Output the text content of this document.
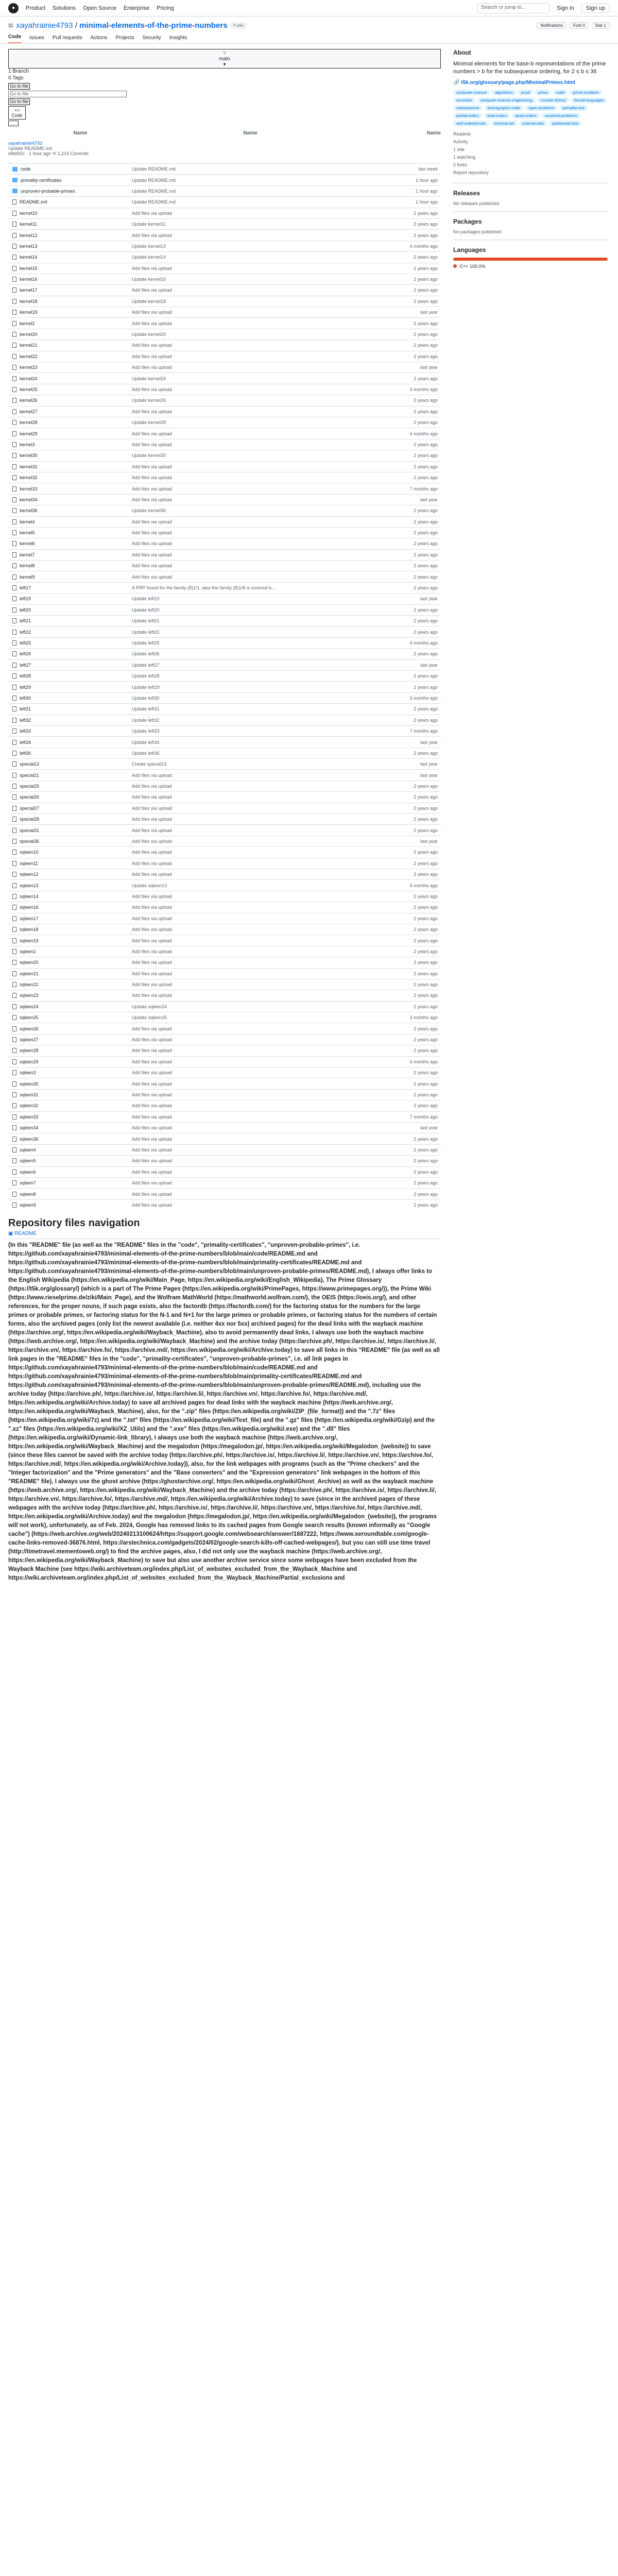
●	Product Solutions Open Source Enterprise Pricing	Search or jump to...	Sign in	Sign up
▤ xayahrainie4793 / minimal-elements-of-the-prime-numbers	Public	Notifications	Fork 0	Star 1
Code Issues Pull requests Actions Projects Security Insights
⑂
main
▾
1 Branch
0 Tags
Go to file
Go to file
Go to file
<>
Code
...
Name	Name	Name
xayahrainie4793
Update README.md
e8d6f2c · 1 hour ago ⟲ 1,216 Commits
code	Update README.md	last week
primality-certificates	Update README.md	1 hour ago
unproven-probable-primes	Update README.md	1 hour ago
README.md	Update README.md	1 hour ago
kernel10	Add files via upload	2 years ago
kernel11	Update kernel11	2 years ago
kernel12	Add files via upload	2 years ago
kernel13	Update kernel13	4 months ago
kernel14	Update kernel14	2 years ago
kernel15	Add files via upload	2 years ago
kernel16	Update kernel16	2 years ago
kernel17	Add files via upload	2 years ago
kernel18	Update kernel18	2 years ago
kernel19	Add files via upload	last year
kernel2	Add files via upload	2 years ago
kernel20	Update kernel20	2 years ago
kernel21	Add files via upload	2 years ago
kernel22	Add files via upload	2 years ago
kernel23	Add files via upload	last year
kernel24	Update kernel24	2 years ago
kernel25	Add files via upload	3 months ago
kernel26	Update kernel26	2 years ago
kernel27	Add files via upload	2 years ago
kernel28	Update kernel28	2 years ago
kernel29	Add files via upload	4 months ago
kernel3	Add files via upload	2 years ago
kernel30	Update kernel30	2 years ago
kernel31	Add files via upload	2 years ago
kernel32	Add files via upload	2 years ago
kernel33	Add files via upload	7 months ago
kernel34	Add files via upload	last year
kernel36	Update kernel36	2 years ago
kernel4	Add files via upload	2 years ago
kernel5	Add files via upload	2 years ago
kernel6	Add files via upload	2 years ago
kernel7	Add files via upload	2 years ago
kernel8	Add files via upload	2 years ago
kernel9	Add files via upload	2 years ago
left17	A PRP found for the family (8)1/1, also the family (8)1/8 is covered b…	2 years ago
left19	Update left19	last year
left20	Update left20	2 years ago
left21	Update left21	2 years ago
left22	Update left22	2 years ago
left25	Update left25	4 months ago
left26	Update left26	2 years ago
left27	Update left27	last year
left28	Update left28	2 years ago
left29	Update left29	2 years ago
left30	Update left30	3 months ago
left31	Update left31	2 years ago
left32	Update left32	2 years ago
left33	Update left33	7 months ago
left34	Update left34	last year
left36	Update left36	2 years ago
special13	Create special13	last year
special21	Add files via upload	last year
special25	Add files via upload	2 years ago
special26	Add files via upload	2 years ago
special27	Add files via upload	2 years ago
special28	Add files via upload	2 years ago
special31	Add files via upload	2 years ago
special36	Add files via upload	last year
sqleen10	Add files via upload	2 years ago
sqleen11	Add files via upload	2 years ago
sqleen12	Add files via upload	2 years ago
sqleen13	Update sqleen13	4 months ago
sqleen14	Add files via upload	2 years ago
sqleen16	Add files via upload	2 years ago
sqleen17	Add files via upload	2 years ago
sqleen18	Add files via upload	2 years ago
sqleen19	Add files via upload	2 years ago
sqleen2	Add files via upload	2 years ago
sqleen20	Add files via upload	2 years ago
sqleen21	Add files via upload	2 years ago
sqleen22	Add files via upload	2 years ago
sqleen23	Add files via upload	2 years ago
sqleen24	Update sqleen24	2 years ago
sqleen25	Update sqleen25	3 months ago
sqleen26	Add files via upload	2 years ago
sqleen27	Add files via upload	2 years ago
sqleen28	Add files via upload	2 years ago
sqleen29	Add files via upload	4 months ago
sqleen3	Add files via upload	2 years ago
sqleen30	Add files via upload	2 years ago
sqleen31	Add files via upload	2 years ago
sqleen32	Add files via upload	2 years ago
sqleen33	Add files via upload	7 months ago
sqleen34	Add files via upload	last year
sqleen36	Add files via upload	2 years ago
sqleen4	Add files via upload	2 years ago
sqleen5	Add files via upload	2 years ago
sqleen6	Add files via upload	2 years ago
sqleen7	Add files via upload	2 years ago
sqleen8	Add files via upload	2 years ago
sqleen9	Add files via upload	2 years ago
Repository files navigation
▣ README

(In this "README" file (as well as the "README" files in the "code", "primality-certificates", "unproven-probable-primes", i.e. https://github.com/xayahrainie4793/minimal-elements-of-the-prime-numbers/blob/main/code/README.md and https://github.com/xayahrainie4793/minimal-elements-of-the-prime-numbers/blob/main/primality-certificates/README.md and https://github.com/xayahrainie4793/minimal-elements-of-the-prime-numbers/blob/main/unproven-probable-primes/README.md), I always offer links to the English Wikipedia (https://en.wikipedia.org/wiki/Main_Page, https://en.wikipedia.org/wiki/English_Wikipedia), The Prime Glossary (https://t5k.org/glossary/) (which is a part of The Prime Pages (https://en.wikipedia.org/wiki/PrimePages, https://www.primepages.org/)), the Prime Wiki (https://www.rieselprime.de/ziki/Main_Page), and the Wolfram MathWorld (https://mathworld.wolfram.com/), the OEIS (https://oeis.org/), and other references, for the proper nouns, if such page exists, also the factordb (https://factordb.com/) for the factoring status for the numbers for the large primes or probable primes, or factoring status for the N-1 and N+1 for the large primes or probable primes, or factoring status for the numbers of certain forms, also the archived pages (only list the newest available (i.e. neither 4xx nor 5xx) archived pages) for the dead links with the wayback machine (https://archive.org/, https://en.wikipedia.org/wiki/Wayback_Machine), also to avoid permanently dead links, I always use both the wayback machine (https://web.archive.org/, https://en.wikipedia.org/wiki/Wayback_Machine) and the archive today (https://archive.ph/, https://archive.is/, https://archive.li/, https://archive.vn/, https://archive.fo/, https://archive.md/, https://en.wikipedia.org/wiki/Archive.today) to save all links in this "README" file (as well as all link pages in the "README" files in the "code", "primality-certificates", "unproven-probable-primes", i.e. all link pages in https://github.com/xayahrainie4793/minimal-elements-of-the-prime-numbers/blob/main/code/README.md and https://github.com/xayahrainie4793/minimal-elements-of-the-prime-numbers/blob/main/primality-certificates/README.md and https://github.com/xayahrainie4793/minimal-elements-of-the-prime-numbers/blob/main/unproven-probable-primes/README.md), including use the archive today (https://archive.ph/, https://archive.is/, https://archive.li/, https://archive.vn/, https://archive.fo/, https://archive.md/, https://en.wikipedia.org/wiki/Archive.today) to save all archived pages for dead links with the wayback machine (https://web.archive.org/, https://en.wikipedia.org/wiki/Wayback_Machine), also, for the ".zip" files (https://en.wikipedia.org/wiki/ZIP_(file_format)) and the ".7z" files (https://en.wikipedia.org/wiki/7z) and the ".txt" files (https://en.wikipedia.org/wiki/Text_file) and the ".gz" files (https://en.wikipedia.org/wiki/Gzip) and the ".xz" files (https://en.wikipedia.org/wiki/XZ_Utils) and the ".exe" files (https://en.wikipedia.org/wiki/.exe) and the ".dll" files (https://en.wikipedia.org/wiki/Dynamic-link_library), I always use both the wayback machine (https://web.archive.org/, https://en.wikipedia.org/wiki/Wayback_Machine) and the megalodon (https://megalodon.jp/, https://en.wikipedia.org/wiki/Megalodon_(website)) to save (since these files cannot be saved with the archive today (https://archive.ph/, https://archive.is/, https://archive.li/, https://archive.vn/, https://archive.fo/, https://archive.md/, https://en.wikipedia.org/wiki/Archive.today)), also, for the link webpages with programs (such as the "Prime checkers" and the "Integer factorization" and the "Prime generators" and the "Base converters" and the "Expression generators" link webpages in the bottom of this "README" file), I always use the ghost archive (https://ghostarchive.org/, https://en.wikipedia.org/wiki/Ghost_Archive) as well as the wayback machine (https://web.archive.org/, https://en.wikipedia.org/wiki/Wayback_Machine) and the archive today (https://archive.ph/, https://archive.is/, https://archive.li/, https://archive.vn/, https://archive.fo/, https://archive.md/, https://en.wikipedia.org/wiki/Archive.today) to save (since in the archived pages of these webpages with the archive today (https://archive.ph/, https://archive.is/, https://archive.li/, https://archive.vn/, https://archive.fo/, https://archive.md/, https://en.wikipedia.org/wiki/Archive.today) and the megalodon (https://megalodon.jp/, https://en.wikipedia.org/wiki/Megalodon_(website)), the programs will not work), unfortunately, as of Feb. 2024, Google has removed links to its cached pages from Google search results (known informally as "Google cache") (https://web.archive.org/web/20240213100624/https://support.google.com/websearch/answer/1687222, https://www.seroundtable.com/google-cache-links-removed-36876.html, https://arstechnica.com/gadgets/2024/02/google-search-kills-off-cached-webpages/), but you can still use time travel (http://timetravel.mementoweb.org/) to find the archive pages, also, I did not only use the wayback machine (https://web.archive.org/, https://en.wikipedia.org/wiki/Wayback_Machine) to save but also use another archive service since some webpages have been excluded from the Wayback Machine (see https://wiki.archiveteam.org/index.php/List_of_websites_excluded_from_the_Wayback_Machine and https://wiki.archiveteam.org/index.php/List_of_websites_excluded_from_the_Wayback_Machine/Partial_exclusions and

About
Minimal elements for the base-b representations of the prime numbers > b for the subsequence ordering, for 2 ≤ b ≤ 36
🔗 t5k.org/glossary/page.php/MinimalPrimes.html
computer-science	algorithms	proof	prime	math	prime-numbers
recursion	computer-science-engineering	number-theory	formal-languages
subsequence	lexicographic-order	open-problems	primality-test
partial-orders	total-orders	quasi-orders	unsolved-problems
well-ordered-sets	minimal-set	ordered-sets	partitioned-sets
Readme
Activity
1 star
1 watching
0 forks
Report repository
Releases
No releases published
Packages
No packages published
Languages
C++ 100.0%
